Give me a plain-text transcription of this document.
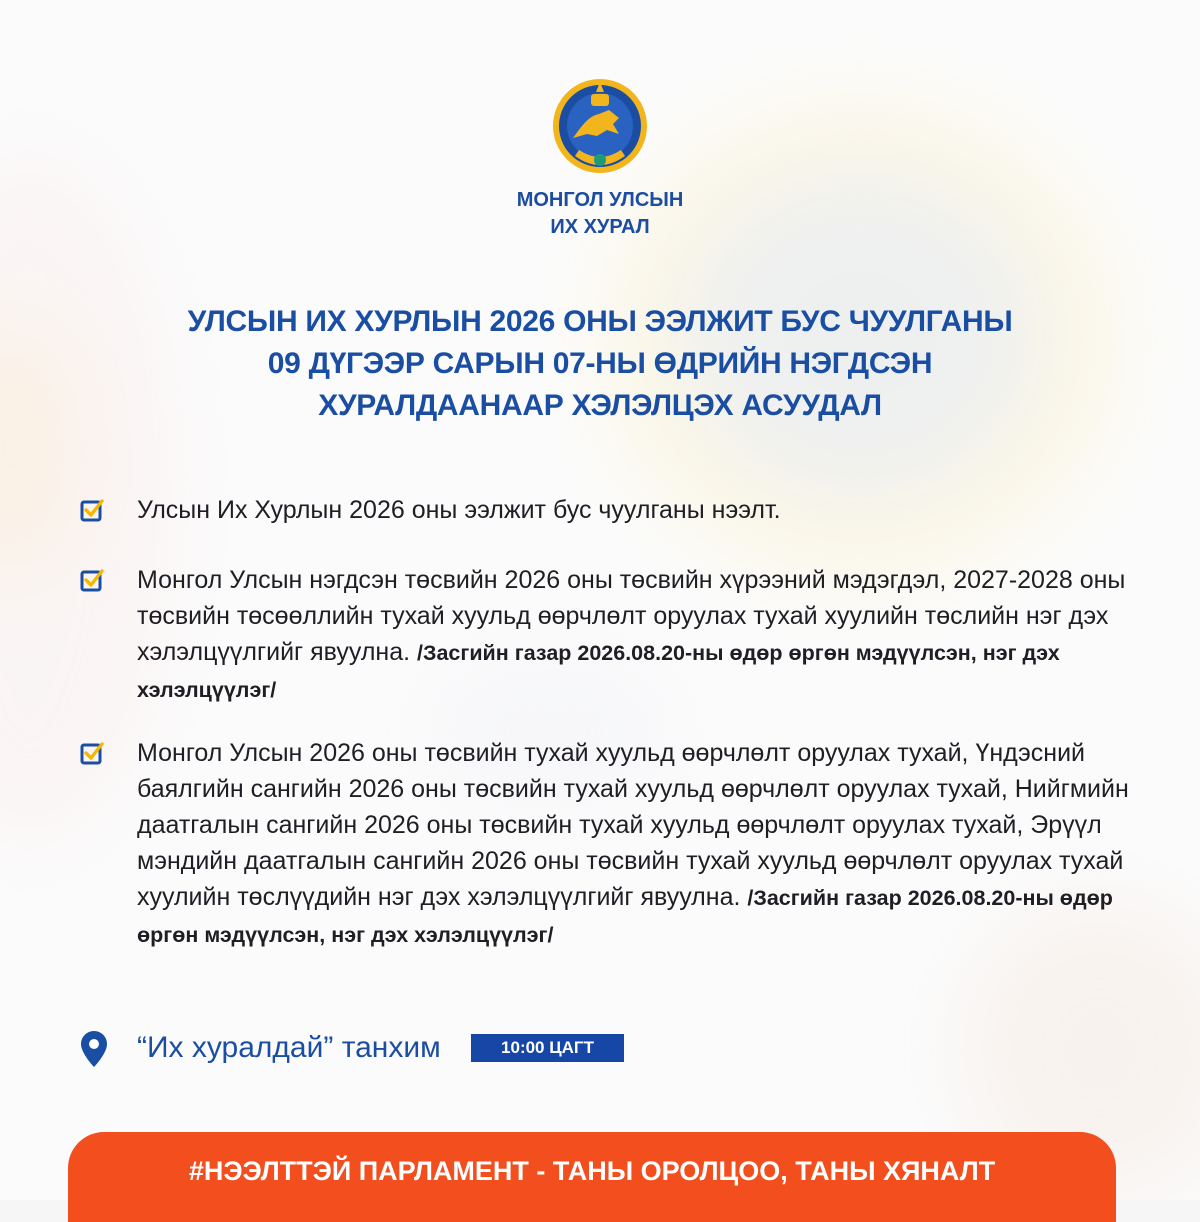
МОНГОЛ УЛСЫН
ИХ ХУРАЛ
УЛСЫН ИХ ХУРЛЫН 2026 ОНЫ ЭЭЛЖИТ БУС ЧУУЛГАНЫ
09 ДҮГЭЭР САРЫН 07-НЫ ӨДРИЙН НЭГДСЭН
ХУРАЛДААНААР ХЭЛЭЛЦЭХ АСУУДАЛ
Улсын Их Хурлын 2026 оны ээлжит бус чуулганы нээлт.
Монгол Улсын нэгдсэн төсвийн 2026 оны төсвийн хүрээний мэдэгдэл, 2027-2028 оны төсвийн төсөөллийн тухай хуульд өөрчлөлт оруулах тухай хуулийн төслийн нэг дэх хэлэлцүүлгийг явуулна. /Засгийн газар 2026.08.20-ны өдөр өргөн мэдүүлсэн, нэг дэх хэлэлцүүлэг/
Монгол Улсын 2026 оны төсвийн тухай хуульд өөрчлөлт оруулах тухай, Үндэсний баялгийн сангийн 2026 оны төсвийн тухай хуульд өөрчлөлт оруулах тухай, Нийгмийн даатгалын сангийн 2026 оны төсвийн тухай хуульд өөрчлөлт оруулах тухай, Эрүүл мэндийн даатгалын сангийн 2026 оны төсвийн тухай хуульд өөрчлөлт оруулах тухай хуулийн төслүүдийн нэг дэх хэлэлцүүлгийг явуулна. /Засгийн газар 2026.08.20-ны өдөр өргөн мэдүүлсэн, нэг дэх хэлэлцүүлэг/
“Их хуралдай” танхим	10:00 ЦАГТ
#НЭЭЛТТЭЙ ПАРЛАМЕНТ - ТАНЫ ОРОЛЦОО, ТАНЫ ХЯНАЛТ
